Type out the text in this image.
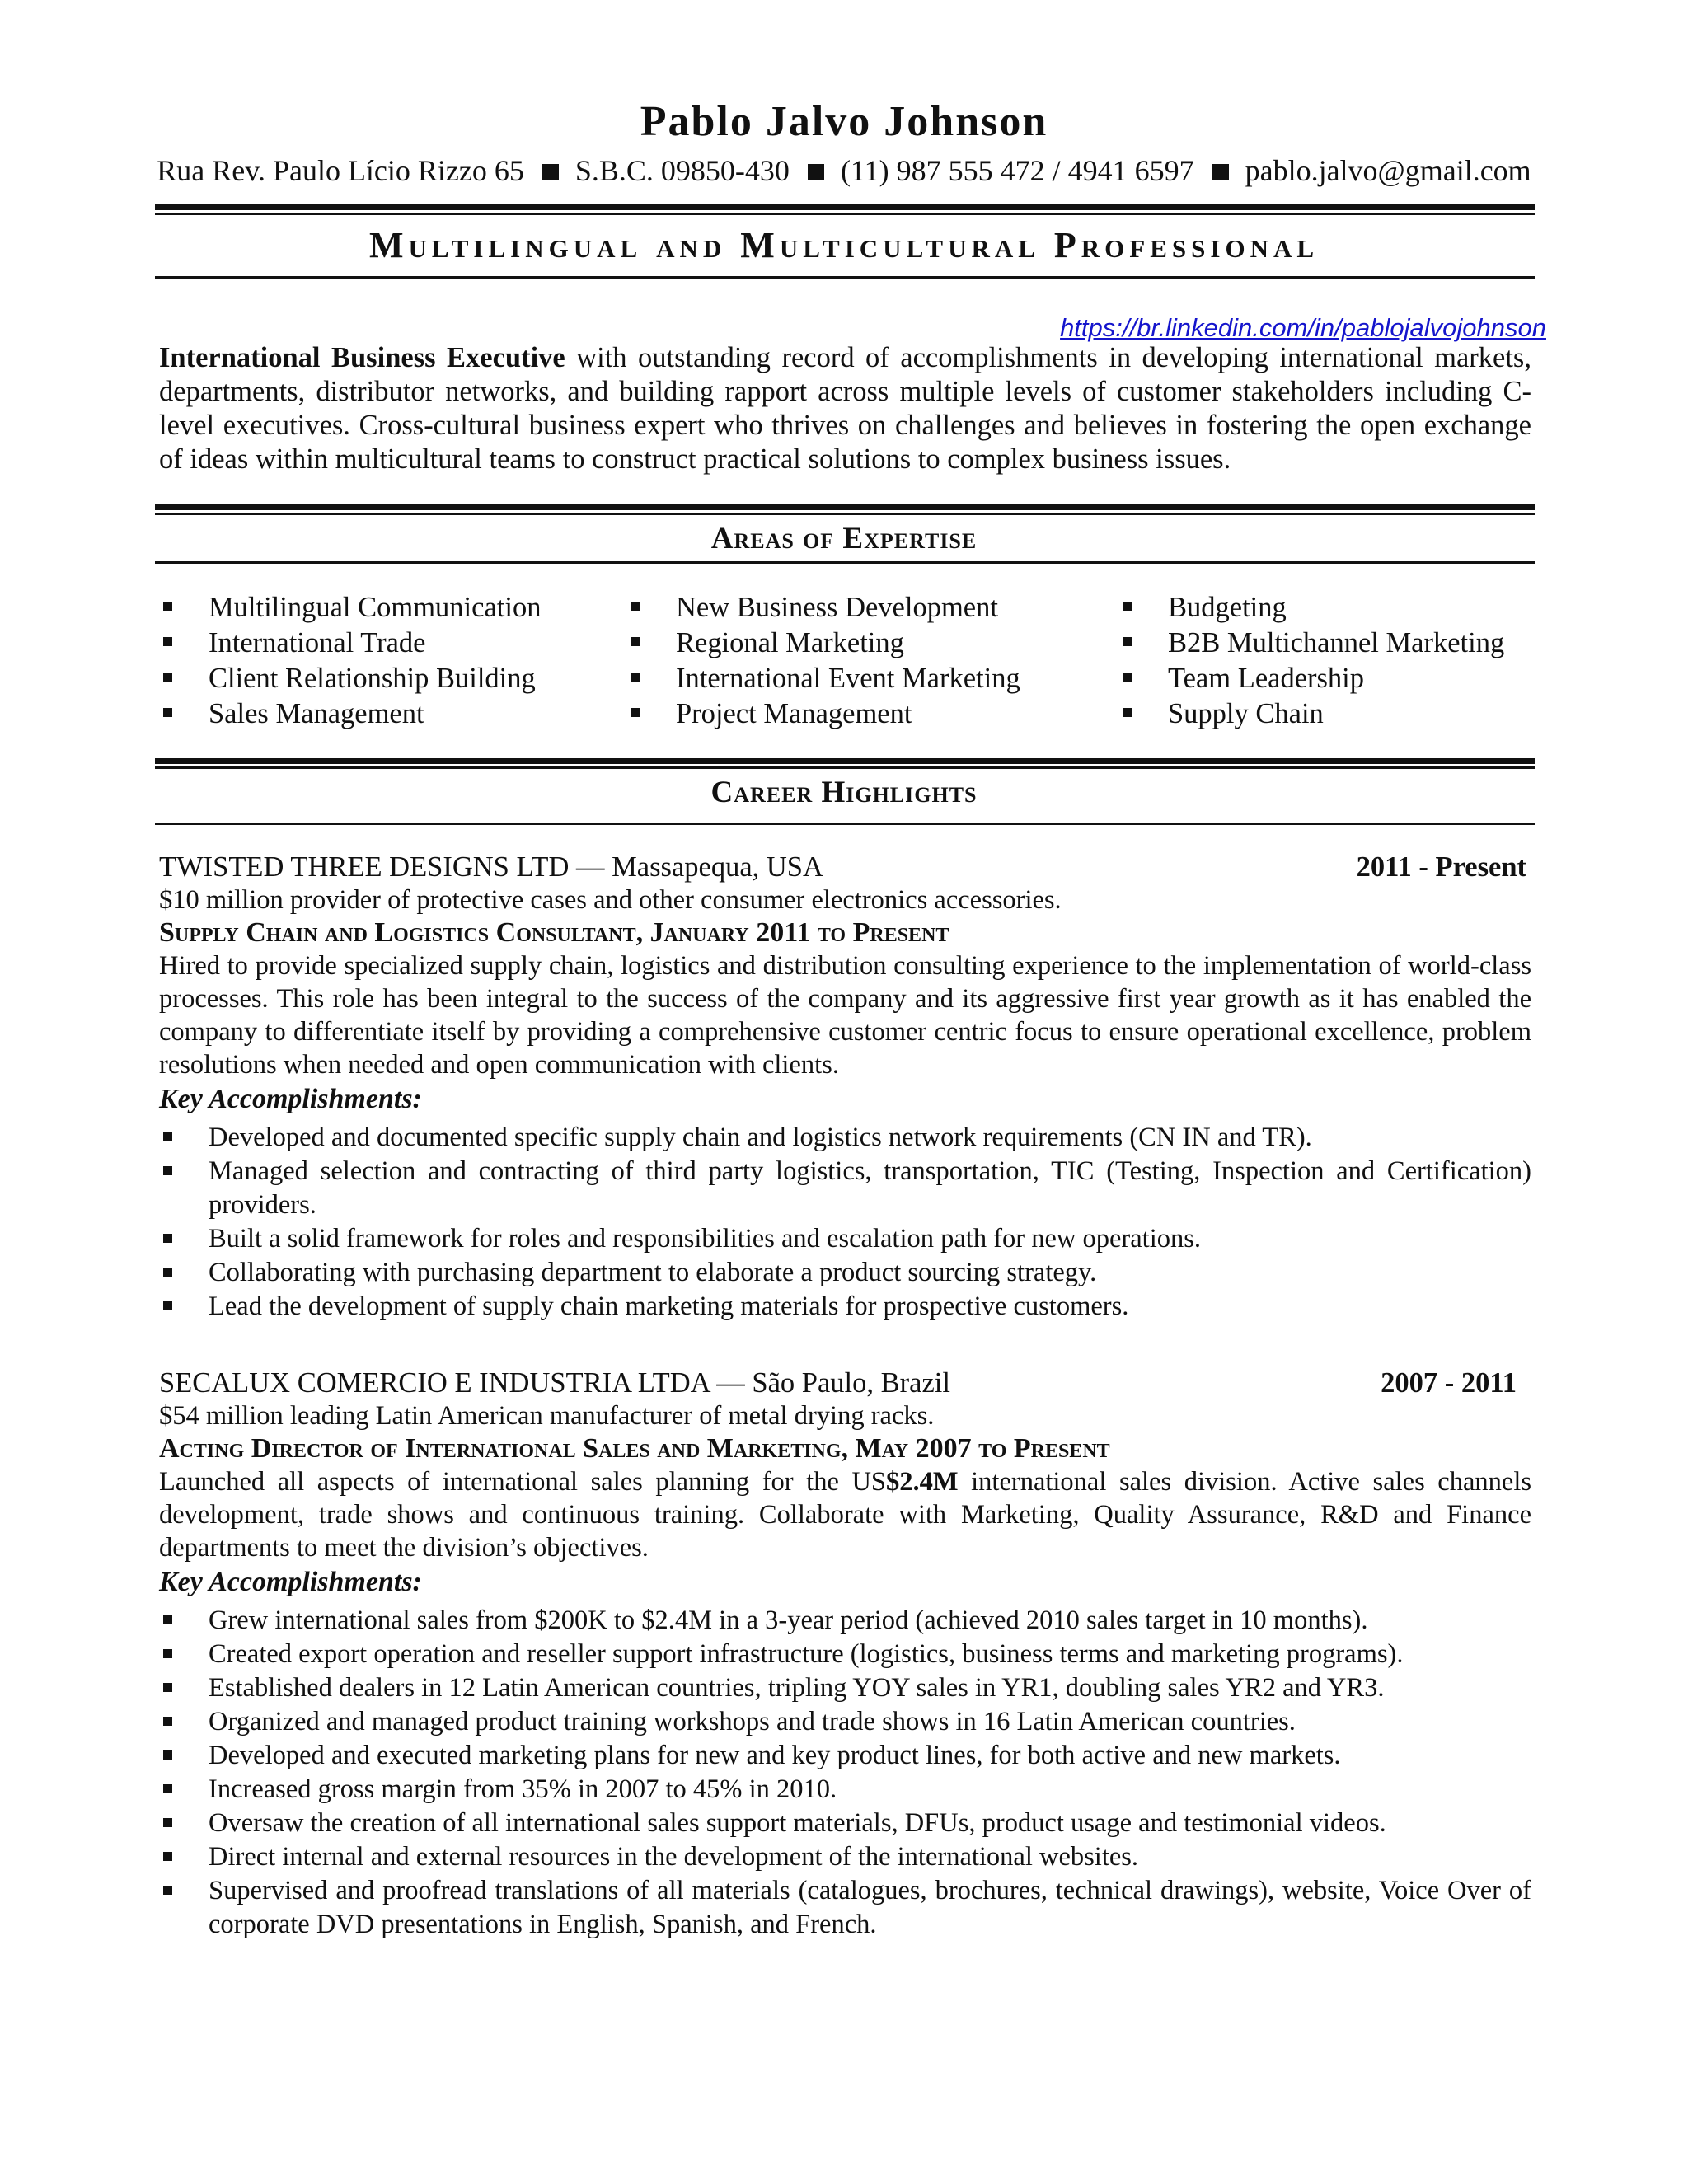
Pablo Jalvo Johnson
Rua Rev. Paulo Lício Rizzo 65 S.B.C. 09850-430 (11) 987 555 472 / 4941 6597 pablo.jalvo@gmail.com
Multilingual and Multicultural Professional
https://br.linkedin.com/in/pablojalvojohnson
International Business Executive with outstanding record of accomplishments in developing international markets, departments, distributor networks, and building rapport across multiple levels of customer stakeholders including C-level executives. Cross-cultural business expert who thrives on challenges and believes in fostering the open exchange of ideas within multicultural teams to construct practical solutions to complex business issues.
Areas of Expertise
Multilingual Communication
International Trade
Client Relationship Building
Sales Management
New Business Development
Regional Marketing
International Event Marketing
Project Management
Budgeting
B2B Multichannel Marketing
Team Leadership
Supply Chain
Career Highlights
TWISTED THREE DESIGNS LTD — Massapequa, USA	2011 - Present
$10 million provider of protective cases and other consumer electronics accessories.
Supply Chain and Logistics Consultant, January 2011 to Present
Hired to provide specialized supply chain, logistics and distribution consulting experience to the implementation of world-class processes. This role has been integral to the success of the company and its aggressive first year growth as it has enabled the company to differentiate itself by providing a comprehensive customer centric focus to ensure operational excellence, problem resolutions when needed and open communication with clients.
Key Accomplishments:
Developed and documented specific supply chain and logistics network requirements (CN IN and TR).
Managed selection and contracting of third party logistics, transportation, TIC (Testing, Inspection and Certification) providers.
Built a solid framework for roles and responsibilities and escalation path for new operations.
Collaborating with purchasing department to elaborate a product sourcing strategy.
Lead the development of supply chain marketing materials for prospective customers.
SECALUX COMERCIO E INDUSTRIA LTDA — São Paulo, Brazil	2007 - 2011
$54 million leading Latin American manufacturer of metal drying racks.
Acting Director of International Sales and Marketing, May 2007 to Present
Launched all aspects of international sales planning for the US$2.4M international sales division. Active sales channels development, trade shows and continuous training. Collaborate with Marketing, Quality Assurance, R&D and Finance departments to meet the division’s objectives.
Key Accomplishments:
Grew international sales from $200K to $2.4M in a 3-year period (achieved 2010 sales target in 10 months).
Created export operation and reseller support infrastructure (logistics, business terms and marketing programs).
Established dealers in 12 Latin American countries, tripling YOY sales in YR1, doubling sales YR2 and YR3.
Organized and managed product training workshops and trade shows in 16 Latin American countries.
Developed and executed marketing plans for new and key product lines, for both active and new markets.
Increased gross margin from 35% in 2007 to 45% in 2010.
Oversaw the creation of all international sales support materials, DFUs, product usage and testimonial videos.
Direct internal and external resources in the development of the international websites.
Supervised and proofread translations of all materials (catalogues, brochures, technical drawings), website, Voice Over of corporate DVD presentations in English, Spanish, and French.
